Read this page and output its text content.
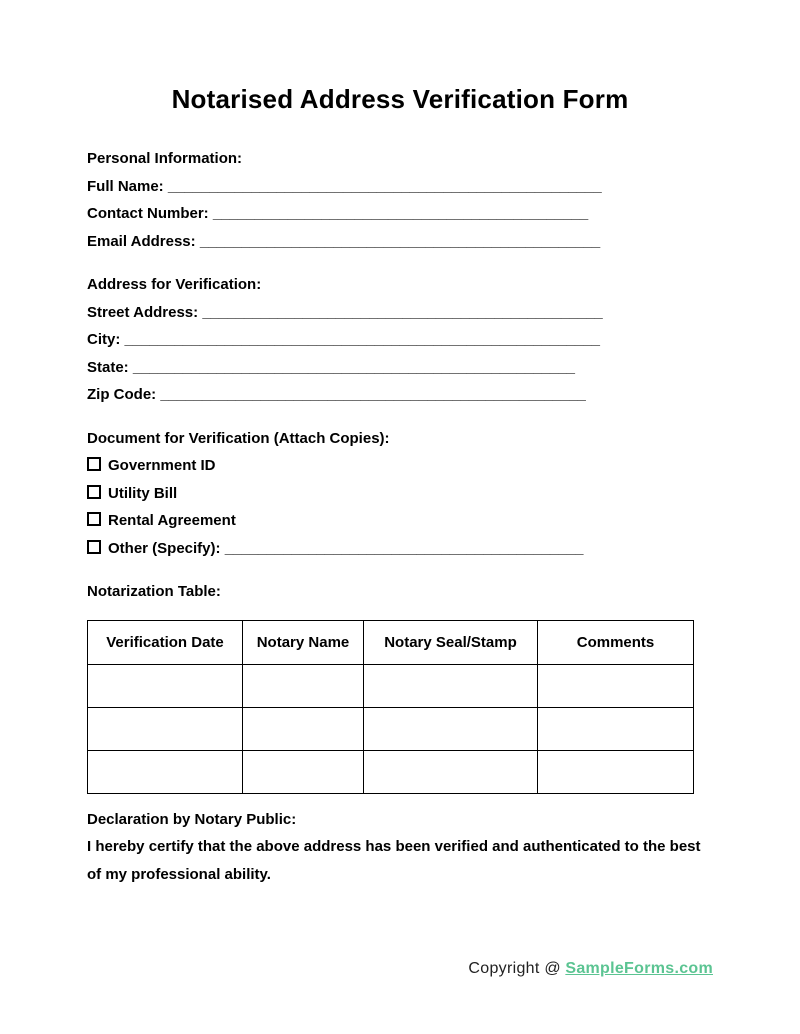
Notarised Address Verification Form
Personal Information:
Full Name: ____________________________________________________
Contact Number: _____________________________________________
Email Address: ________________________________________________
Address for Verification:
Street Address: ________________________________________________
City: _________________________________________________________
State: _____________________________________________________
Zip Code: ___________________________________________________
Document for Verification (Attach Copies):
Government ID
Utility Bill
Rental Agreement
Other (Specify): ___________________________________________
Notarization Table:
Verification Date	Notary Name	Notary Seal/Stamp	Comments

Declaration by Notary Public:
I hereby certify that the above address has been verified and authenticated to the best of my professional ability.
Copyright @ SampleForms.com
